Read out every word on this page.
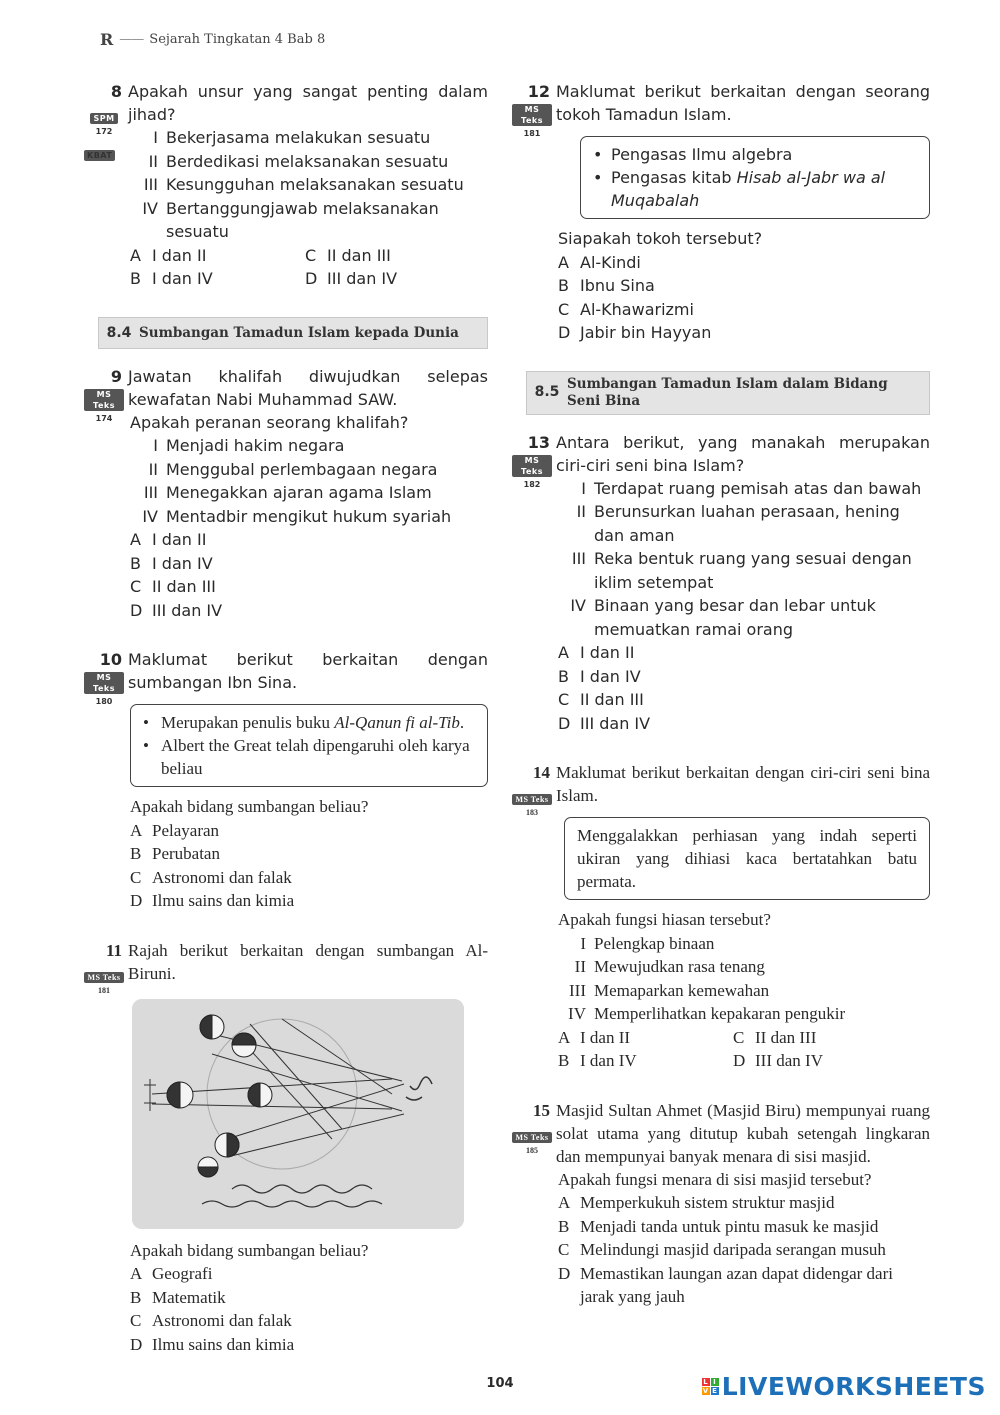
R —— Sejarah Tingkatan 4 Bab 8
8
SPM
172
KBAT
Apakah unsur yang sangat penting dalam jihad?
I Bekerjasama melakukan sesuatu
II Berdedikasi melaksanakan sesuatu
III Kesungguhan melaksanakan sesuatu
IV Bertanggungjawab melaksanakan sesuatu
A I dan II	C II dan III
B I dan IV	D III dan IV
8.4 Sumbangan Tamadun Islam kepada Dunia
9
MS Teks
174
Jawatan khalifah diwujudkan selepas kewafatan Nabi Muhammad SAW.
Apakah peranan seorang khalifah?
I Menjadi hakim negara
II Menggubal perlembagaan negara
III Menegakkan ajaran agama Islam
IV Mentadbir mengikut hukum syariah
A I dan II
B I dan IV
C II dan III
D III dan IV
10
MS Teks
180
Maklumat berikut berkaitan dengan sumbangan Ibn Sina.
• Merupakan penulis buku Al-Qanun fi al-Tib.
• Albert the Great telah dipengaruhi oleh karya beliau
Apakah bidang sumbangan beliau?
A Pelayaran
B Perubatan
C Astronomi dan falak
D Ilmu sains dan kimia
11
MS Teks
181
Rajah berikut berkaitan dengan sumbangan Al-Biruni.
Apakah bidang sumbangan beliau?
A Geografi
B Matematik
C Astronomi dan falak
D Ilmu sains dan kimia
12
MS Teks
181
Maklumat berikut berkaitan dengan seorang tokoh Tamadun Islam.
• Pengasas Ilmu algebra
• Pengasas kitab Hisab al-Jabr wa al Muqabalah
Siapakah tokoh tersebut?
A Al-Kindi
B Ibnu Sina
C Al-Khawarizmi
D Jabir bin Hayyan
8.5
Sumbangan Tamadun Islam dalam Bidang
Seni Bina
13
MS Teks
182
Antara berikut, yang manakah merupakan ciri-ciri seni bina Islam?
I Terdapat ruang pemisah atas dan bawah
II Berunsurkan luahan perasaan, hening dan aman
III Reka bentuk ruang yang sesuai dengan iklim setempat
IV Binaan yang besar dan lebar untuk memuatkan ramai orang
A I dan II
B I dan IV
C II dan III
D III dan IV
14
MS Teks
183
Maklumat berikut berkaitan dengan ciri-ciri seni bina Islam.
Menggalakkan perhiasan yang indah seperti ukiran yang dihiasi kaca bertatahkan batu permata.
Apakah fungsi hiasan tersebut?
I Pelengkap binaan
II Mewujudkan rasa tenang
III Memaparkan kemewahan
IV Memperlihatkan kepakaran pengukir
A I dan II	C II dan III
B I dan IV	D III dan IV
15
MS Teks
185
Masjid Sultan Ahmet (Masjid Biru) mempunyai ruang solat utama yang ditutup kubah setengah lingkaran dan mempunyai banyak menara di sisi masjid.
Apakah fungsi menara di sisi masjid tersebut?
A Memperkukuh sistem struktur masjid
B Menjadi tanda untuk pintu masuk ke masjid
C Melindungi masjid daripada serangan musuh
D Memastikan laungan azan dapat didengar dari jarak yang jauh
104	L I
V E LIVEWORKSHEETS
